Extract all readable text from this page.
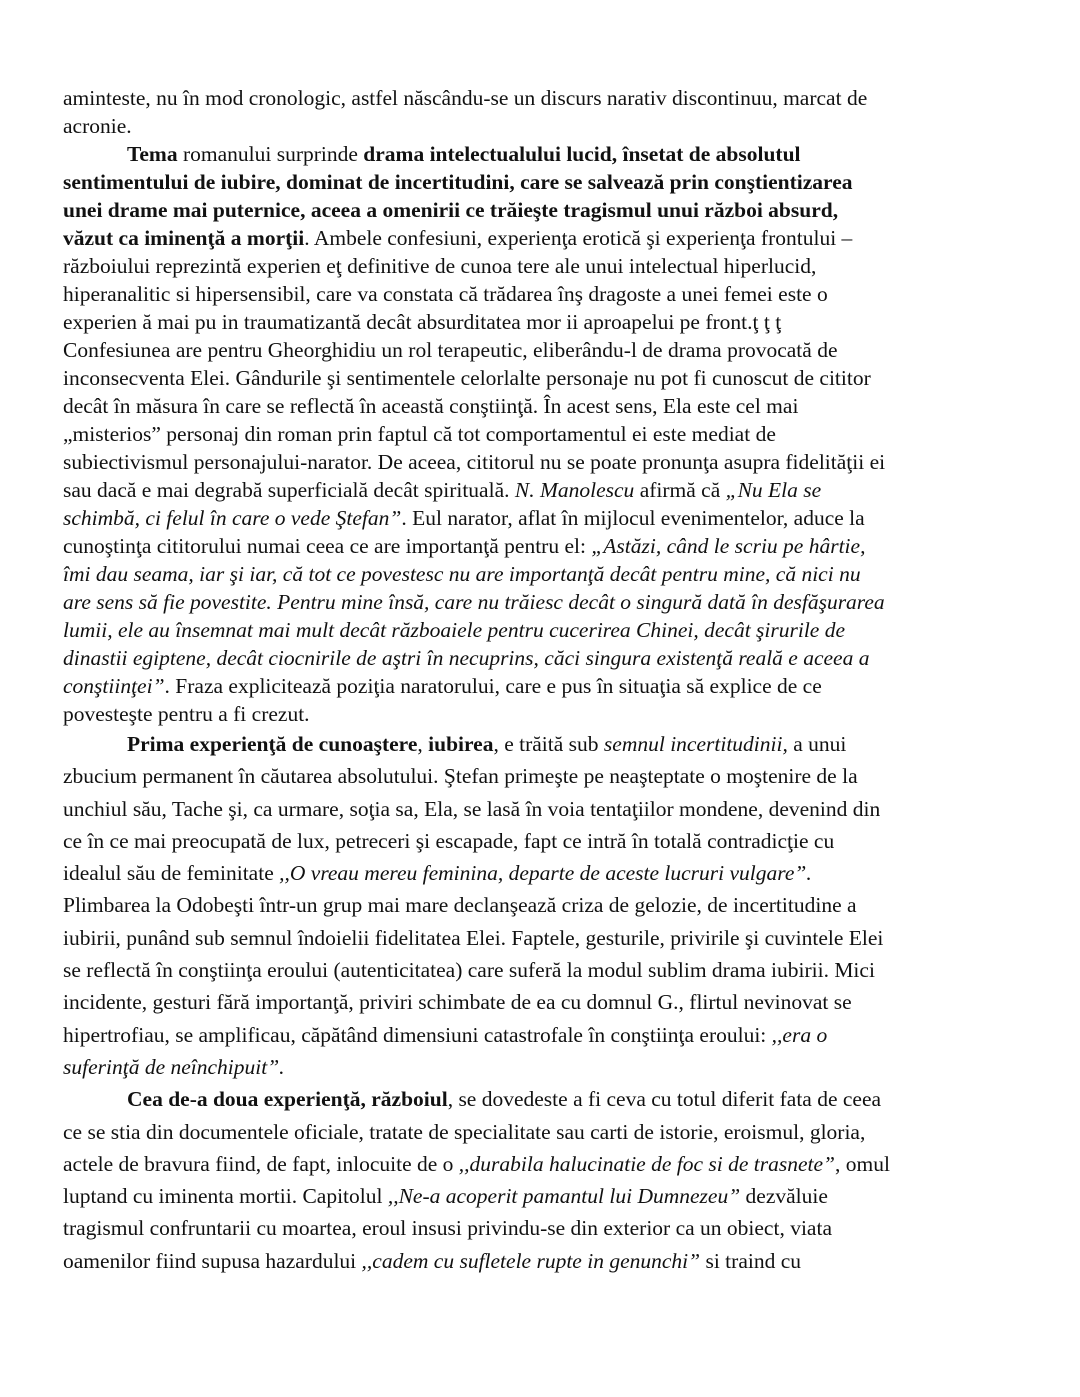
aminteste, nu în mod cronologic, astfel născându-se un discurs narativ discontinuu, marcat de

acronie.

Tema romanului surprinde drama intelectualului lucid, însetat de absolutul

sentimentului de iubire, dominat de incertitudini, care se salvează prin conştientizarea

unei drame mai puternice, aceea a omenirii ce trăieşte tragismul unui război absurd,

văzut ca iminenţă a morţii. Ambele confesiuni, experienţa erotică şi experienţa frontului –

războiului reprezintă experien eţ definitive de cunoa tere ale unui intelectual hiperlucid,

hiperanalitic si hipersensibil, care va constata că trădarea înş dragoste a unei femei este o

experien ă mai pu in traumatizantă decât absurditatea mor ii aproapelui pe front.ţ ţ ţ

Confesiunea are pentru Gheorghidiu un rol terapeutic, eliberându-l de drama provocată de

inconsecventa Elei. Gândurile şi sentimentele celorlalte personaje nu pot fi cunoscut de cititor

decât în măsura în care se reflectă în această conştiinţă. În acest sens, Ela este cel mai

„misterios” personaj din roman prin faptul că tot comportamentul ei este mediat de

subiectivismul personajului-narator. De aceea, cititorul nu se poate pronunţa asupra fidelităţii ei

sau dacă e mai degrabă superficială decât spirituală. N. Manolescu afirmă că „Nu Ela se

schimbă, ci felul în care o vede Ştefan”. Eul narator, aflat în mijlocul evenimentelor, aduce la

cunoştinţa cititorului numai ceea ce are importanţă pentru el: „Astăzi, când le scriu pe hârtie,

îmi dau seama, iar şi iar, că tot ce povestesc nu are importanţă decât pentru mine, că nici nu

are sens să fie povestite. Pentru mine însă, care nu trăiesc decât o singură dată în desfăşurarea

lumii, ele au însemnat mai mult decât războaiele pentru cucerirea Chinei, decât şirurile de

dinastii egiptene, decât ciocnirile de aştri în necuprins, căci singura existenţă reală e aceea a

conştiinţei”. Fraza explicitează poziţia naratorului, care e pus în situaţia să explice de ce

povesteşte pentru a fi crezut.

Prima experienţă de cunoaştere, iubirea, e trăită sub semnul incertitudinii, a unui

zbucium permanent în căutarea absolutului. Ştefan primeşte pe neaşteptate o moştenire de la

unchiul său, Tache şi, ca urmare, soţia sa, Ela, se lasă în voia tentaţiilor mondene, devenind din

ce în ce mai preocupată de lux, petreceri şi escapade, fapt ce intră în totală contradicţie cu

idealul său de feminitate ,,O vreau mereu feminina, departe de aceste lucruri vulgare”.

Plimbarea la Odobeşti într-un grup mai mare declanşează criza de gelozie, de incertitudine a

iubirii, punând sub semnul îndoielii fidelitatea Elei. Faptele, gesturile, privirile şi cuvintele Elei

se reflectă în conştiinţa eroului (autenticitatea) care suferă la modul sublim drama iubirii. Mici

incidente, gesturi fără importanţă, priviri schimbate de ea cu domnul G., flirtul nevinovat se

hipertrofiau, se amplificau, căpătând dimensiuni catastrofale în conştiinţa eroului: ,,era o

suferinţă de neînchipuit”.

Cea de-a doua experienţă, războiul, se dovedeste a fi ceva cu totul diferit fata de ceea

ce se stia din documentele oficiale, tratate de specialitate sau carti de istorie, eroismul, gloria,

actele de bravura fiind, de fapt, inlocuite de o ,,durabila halucinatie de foc si de trasnete”, omul

luptand cu iminenta mortii. Capitolul ,,Ne-a acoperit pamantul lui Dumnezeu” dezvăluie

tragismul confruntarii cu moartea, eroul insusi privindu-se din exterior ca un obiect, viata

oamenilor fiind supusa hazardului ,,cadem cu sufletele rupte in genunchi” si traind cu
